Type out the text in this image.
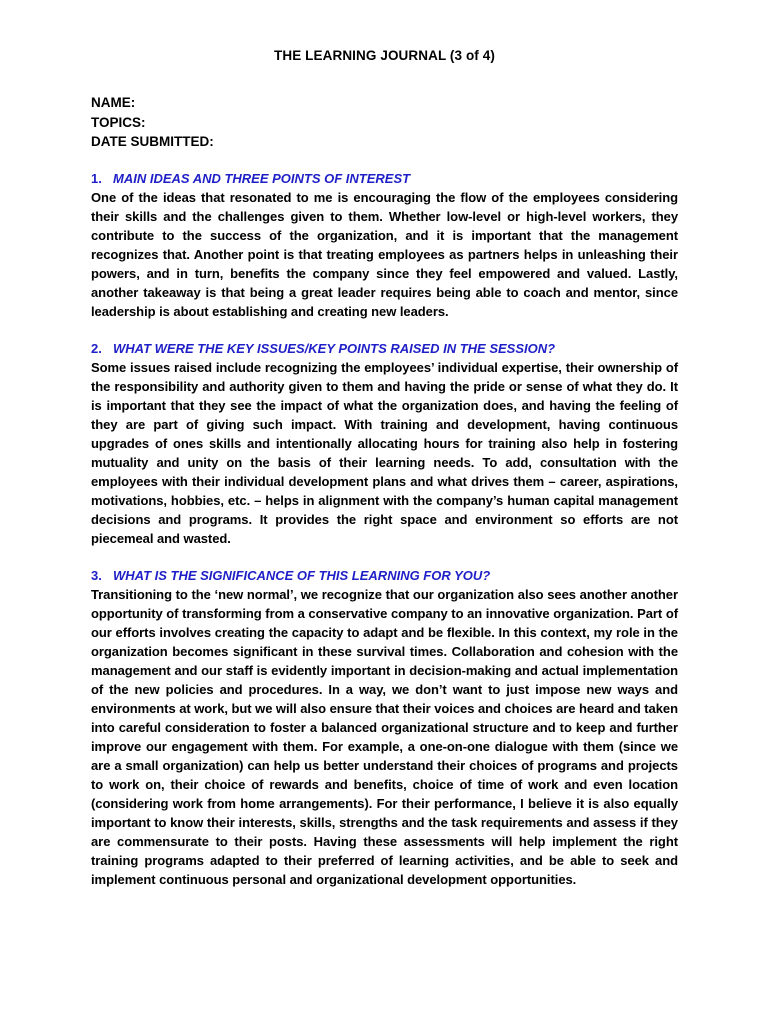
THE LEARNING JOURNAL (3 of 4)

NAME:

TOPICS:

DATE SUBMITTED:

1. MAIN IDEAS AND THREE POINTS OF INTEREST

One of the ideas that resonated to me is encouraging the flow of the employees considering their skills and the challenges given to them. Whether low-level or high-level workers, they contribute to the success of the organization, and it is important that the management recognizes that. Another point is that treating employees as partners helps in unleashing their powers, and in turn, benefits the company since they feel empowered and valued. Lastly, another takeaway is that being a great leader requires being able to coach and mentor, since leadership is about establishing and creating new leaders.

2. WHAT WERE THE KEY ISSUES/KEY POINTS RAISED IN THE SESSION?

Some issues raised include recognizing the employees’ individual expertise, their ownership of the responsibility and authority given to them and having the pride or sense of what they do. It is important that they see the impact of what the organization does, and having the feeling of they are part of giving such impact. With training and development, having continuous upgrades of ones skills and intentionally allocating hours for training also help in fostering mutuality and unity on the basis of their learning needs. To add, consultation with the employees with their individual development plans and what drives them – career, aspirations, motivations, hobbies, etc. – helps in alignment with the company’s human capital management decisions and programs. It provides the right space and environment so efforts are not piecemeal and wasted.

3. WHAT IS THE SIGNIFICANCE OF THIS LEARNING FOR YOU?

Transitioning to the ‘new normal’, we recognize that our organization also sees another another opportunity of transforming from a conservative company to an innovative organization. Part of our efforts involves creating the capacity to adapt and be flexible. In this context, my role in the organization becomes significant in these survival times. Collaboration and cohesion with the management and our staff is evidently important in decision-making and actual implementation of the new policies and procedures. In a way, we don’t want to just impose new ways and environments at work, but we will also ensure that their voices and choices are heard and taken into careful consideration to foster a balanced organizational structure and to keep and further improve our engagement with them. For example, a one-on-one dialogue with them (since we are a small organization) can help us better understand their choices of programs and projects to work on, their choice of rewards and benefits, choice of time of work and even location (considering work from home arrangements). For their performance, I believe it is also equally important to know their interests, skills, strengths and the task requirements and assess if they are commensurate to their posts. Having these assessments will help implement the right training programs adapted to their preferred of learning activities, and be able to seek and implement continuous personal and organizational development opportunities.
